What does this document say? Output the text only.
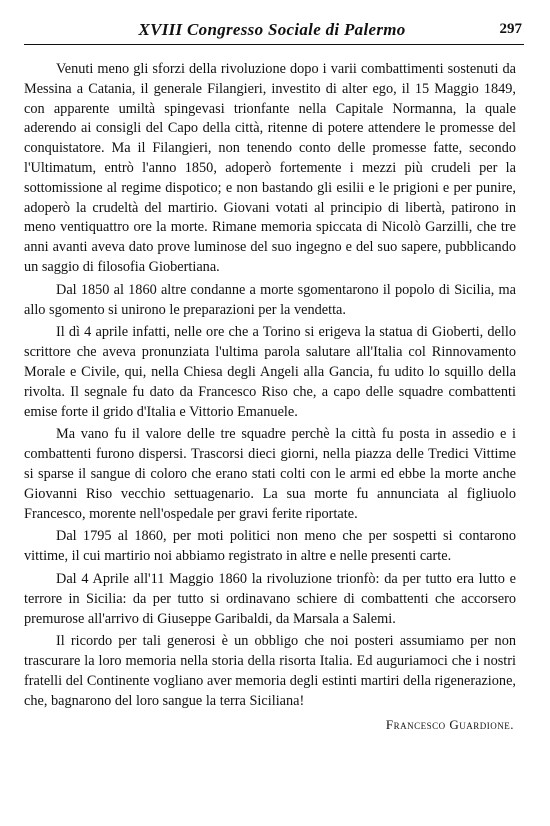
XVIII Congresso Sociale di Palermo	297

Venuti meno gli sforzi della rivoluzione dopo i varii combattimenti sostenuti da Messina a Catania, il generale Filangieri, investito di alter ego, il 15 Maggio 1849, con apparente umiltà spingevasi trionfante nella Capitale Normanna, la quale aderendo ai consigli del Capo della città, ritenne di potere attendere le promesse del conquistatore. Ma il Filangieri, non tenendo conto delle promesse fatte, secondo l'Ultimatum, entrò l'anno 1850, adoperò fortemente i mezzi più crudeli per la sottomissione al regime dispotico; e non bastando gli esilii e le prigioni e per punire, adoperò la crudeltà del martirio. Giovani votati al principio di libertà, patirono in meno ventiquattro ore la morte. Rimane memoria spiccata di Nicolò Garzilli, che tre anni avanti aveva dato prove luminose del suo ingegno e del suo sapere, pubblicando un saggio di filosofia Giobertiana.

Dal 1850 al 1860 altre condanne a morte sgomentarono il popolo di Sicilia, ma allo sgomento si unirono le preparazioni per la vendetta.

Il dì 4 aprile infatti, nelle ore che a Torino si erigeva la statua di Gioberti, dello scrittore che aveva pronunziata l'ultima parola salutare all'Italia col Rinnovamento Morale e Civile, qui, nella Chiesa degli Angeli alla Gancia, fu udito lo squillo della rivolta. Il segnale fu dato da Francesco Riso che, a capo delle squadre combattenti emise forte il grido d'Italia e Vittorio Emanuele.

Ma vano fu il valore delle tre squadre perchè la città fu posta in assedio e i combattenti furono dispersi. Trascorsi dieci giorni, nella piazza delle Tredici Vittime si sparse il sangue di coloro che erano stati colti con le armi ed ebbe la morte anche Giovanni Riso vecchio settuagenario. La sua morte fu annunciata al figliuolo Francesco, morente nell'ospedale per gravi ferite riportate.

Dal 1795 al 1860, per moti politici non meno che per sospetti si contarono vittime, il cui martirio noi abbiamo registrato in altre e nelle presenti carte.

Dal 4 Aprile all'11 Maggio 1860 la rivoluzione trionfò: da per tutto era lutto e terrore in Sicilia: da per tutto si ordinavano schiere di combattenti che accorsero premurose all'arrivo di Giuseppe Garibaldi, da Marsala a Salemi.

Il ricordo per tali generosi è un obbligo che noi posteri assumiamo per non trascurare la loro memoria nella storia della risorta Italia. Ed auguriamoci che i nostri fratelli del Continente vogliano aver memoria degli estinti martiri della rigenerazione, che, bagnarono del loro sangue la terra Siciliana!

Francesco Guardione.
